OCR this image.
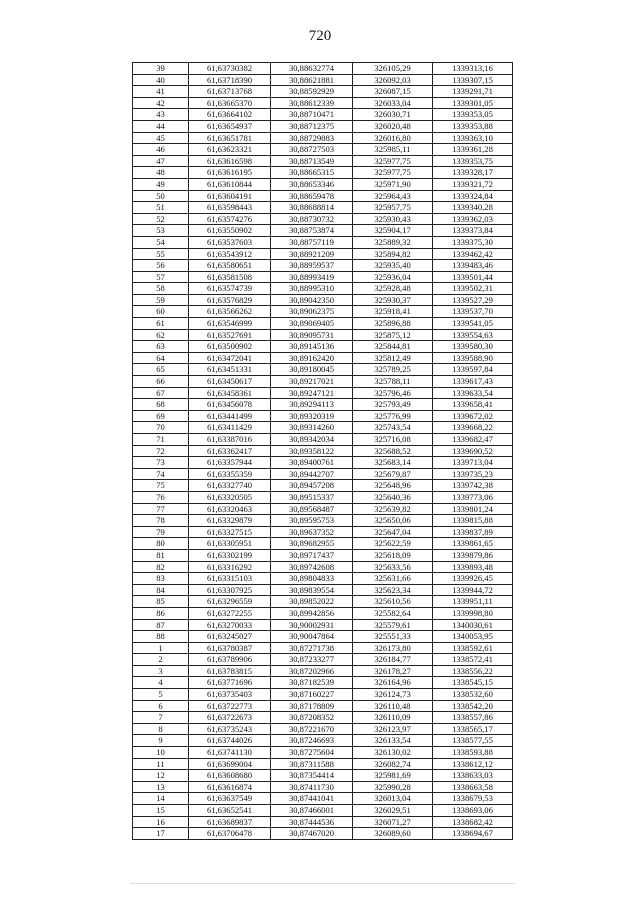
720
39	61,63730382	30,88632774	326105,29	1339313,16
40	61,63718390	30,88621881	326092,03	1339307,15
41	61,63713768	30,88592929	326087,15	1339291,71
42	61,63665370	30,88612339	326033,04	1339301,05
43	61,63664102	30,88710471	326030,71	1339353,05
44	61,63654937	30,88712375	326020,48	1339353,88
45	61,63651781	30,88729883	326016,80	1339363,10
46	61,63623321	30,88727503	325985,11	1339361,28
47	61,63616598	30,88713549	325977,75	1339353,75
48	61,63616195	30,88665315	325977,75	1339328,17
49	61,63610844	30,88653346	325971,90	1339321,72
50	61,63604191	30,88659478	325964,43	1339324,84
51	61,63598443	30,88688814	325957,75	1339340,28
52	61,63574276	30,88730732	325930,43	1339362,03
53	61,63550902	30,88753874	325904,17	1339373,84
54	61,63537603	30,88757119	325889,32	1339375,30
55	61,63543912	30,88921209	325894,82	1339462,42
56	61,63580651	30,88959537	325935,40	1339483,46
57	61,63581508	30,88993419	325936,04	1339501,44
58	61,63574739	30,88995310	325928,48	1339502,31
59	61,63576829	30,89042350	325930,37	1339527,29
60	61,63566262	30,89062375	325918,41	1339537,70
61	61,63546999	30,89069405	325896,88	1339541,05
62	61,63527691	30,89095731	325875,12	1339554,63
63	61,63500902	30,89145136	325844,81	1339580,30
64	61,63472041	30,89162420	325812,49	1339588,90
65	61,63451331	30,89180045	325789,25	1339597,84
66	61,63450617	30,89217021	325788,11	1339617,43
67	61,63458361	30,89247121	325796,46	1339633,54
68	61,63456078	30,89294113	325793,49	1339658,41
69	61,63441499	30,89320319	325776,99	1339672,02
70	61,63411429	30,89314260	325743,54	1339668,22
71	61,63387016	30,89342034	325716,08	1339682,47
72	61,63362417	30,89358122	325688,52	1339690,52
73	61,63357944	30,89400761	325683,14	1339713,04
74	61,63355359	30,89442707	325679,87	1339735,23
75	61,63327740	30,89457208	325648,96	1339742,38
76	61,63320505	30,89515337	325640,36	1339773,06
77	61,63320463	30,89568487	325639,82	1339801,24
78	61,63329879	30,89595753	325650,06	1339815,88
79	61,63327515	30,89637352	325647,04	1339837,89
80	61,63305951	30,89682955	325622,59	1339861,65
81	61,63302199	30,89717437	325618,09	1339879,86
82	61,63316292	30,89742608	325633,56	1339893,48
83	61,63315103	30,89804833	325631,66	1339926,45
84	61,63307925	30,89839554	325623,34	1339944,72
85	61,63296559	30,89852022	325610,56	1339951,11
86	61,63272255	30,89942856	325582,64	1339998,80
87	61,63270033	30,90002931	325579,61	1340030,61
88	61,63245027	30,90047864	325551,33	1340053,95
1	61,63780387	30,87271738	326173,80	1338592,61
2	61,63789906	30,87233277	326184,77	1338572,41
3	61,63783815	30,87202966	326178,27	1338556,22
4	61,63771696	30,87182539	326164,96	1338545,15
5	61,63735403	30,87160227	326124,73	1338532,60
6	61,63722773	30,87178809	326110,48	1338542,20
7	61,63722673	30,87208352	326110,09	1338557,86
8	61,63735243	30,87221670	326123,97	1338565,17
9	61,63744026	30,87246693	326133,54	1338577,55
10	61,63741130	30,87275604	326130,02	1338593,88
11	61,63699004	30,87311588	326082,74	1338612,12
12	61,63608680	30,87354414	325981,69	1338633,03
13	61,63616874	30,87411730	325990,28	1338663,58
14	61,63637549	30,87441041	326013,04	1338679,53
15	61,63652541	30,87466001	326029,51	1338693,06
16	61,63689837	30,87444536	326071,27	1338682,42
17	61,63706478	30,87467020	326089,60	1338694,67
